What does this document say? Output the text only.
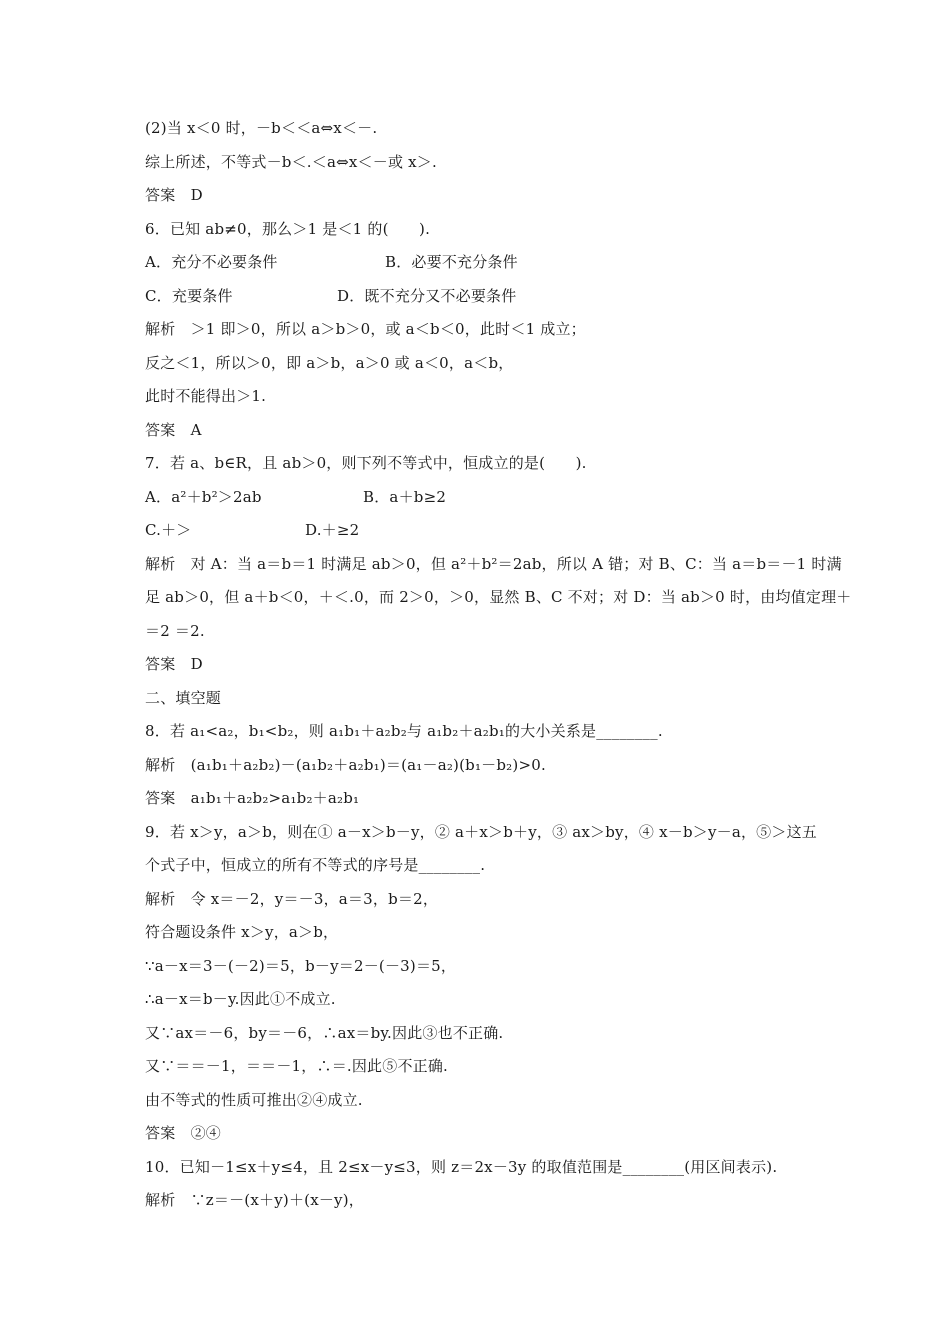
(2)当 x＜0 时，－b＜＜a⇔x＜－.
综上所述，不等式－b＜.＜a⇔x＜－或 x＞.
答案　D
6．已知 ab≠0，那么＞1 是＜1 的(　　).
A．充分不必要条件	B．必要不充分条件
C．充要条件	D．既不充分又不必要条件
解析　＞1 即＞0，所以 a＞b＞0，或 a＜b＜0，此时＜1 成立；
反之＜1，所以＞0，即 a＞b，a＞0 或 a＜0，a＜b，
此时不能得出＞1.
答案　A
7．若 a、b∈R，且 ab＞0，则下列不等式中，恒成立的是(　　).
A．a²＋b²＞2ab	B．a＋b≥2
C.＋＞	D.＋≥2
解析　对 A：当 a＝b＝1 时满足 ab＞0，但 a²＋b²＝2ab，所以 A 错；对 B、C：当 a＝b＝－1 时满
足 ab＞0，但 a＋b＜0，＋＜.0，而 2＞0，＞0，显然 B、C 不对；对 D：当 ab＞0 时，由均值定理＋
＝2 ＝2.
答案　D
二、填空题
8．若 a₁<a₂，b₁<b₂，则 a₁b₁＋a₂b₂与 a₁b₂＋a₂b₁的大小关系是________.
解析　(a₁b₁＋a₂b₂)－(a₁b₂＋a₂b₁)＝(a₁－a₂)(b₁－b₂)>0.
答案　a₁b₁＋a₂b₂>a₁b₂＋a₂b₁
9．若 x＞y，a＞b，则在① a－x＞b－y，② a＋x＞b＋y，③ ax＞by，④ x－b＞y－a，⑤＞这五
个式子中，恒成立的所有不等式的序号是________.
解析　令 x＝－2，y＝－3，a＝3，b＝2，
符合题设条件 x＞y，a＞b，
∵a－x＝3－(－2)＝5，b－y＝2－(－3)＝5，
∴a－x＝b－y.因此①不成立.
又∵ax＝－6，by＝－6，∴ax＝by.因此③也不正确.
又∵＝＝－1，＝＝－1，∴＝.因此⑤不正确.
由不等式的性质可推出②④成立.
答案　②④
10．已知－1≤x＋y≤4，且 2≤x－y≤3，则 z＝2x－3y 的取值范围是________(用区间表示).
解析　∵z＝－(x＋y)＋(x－y)，
